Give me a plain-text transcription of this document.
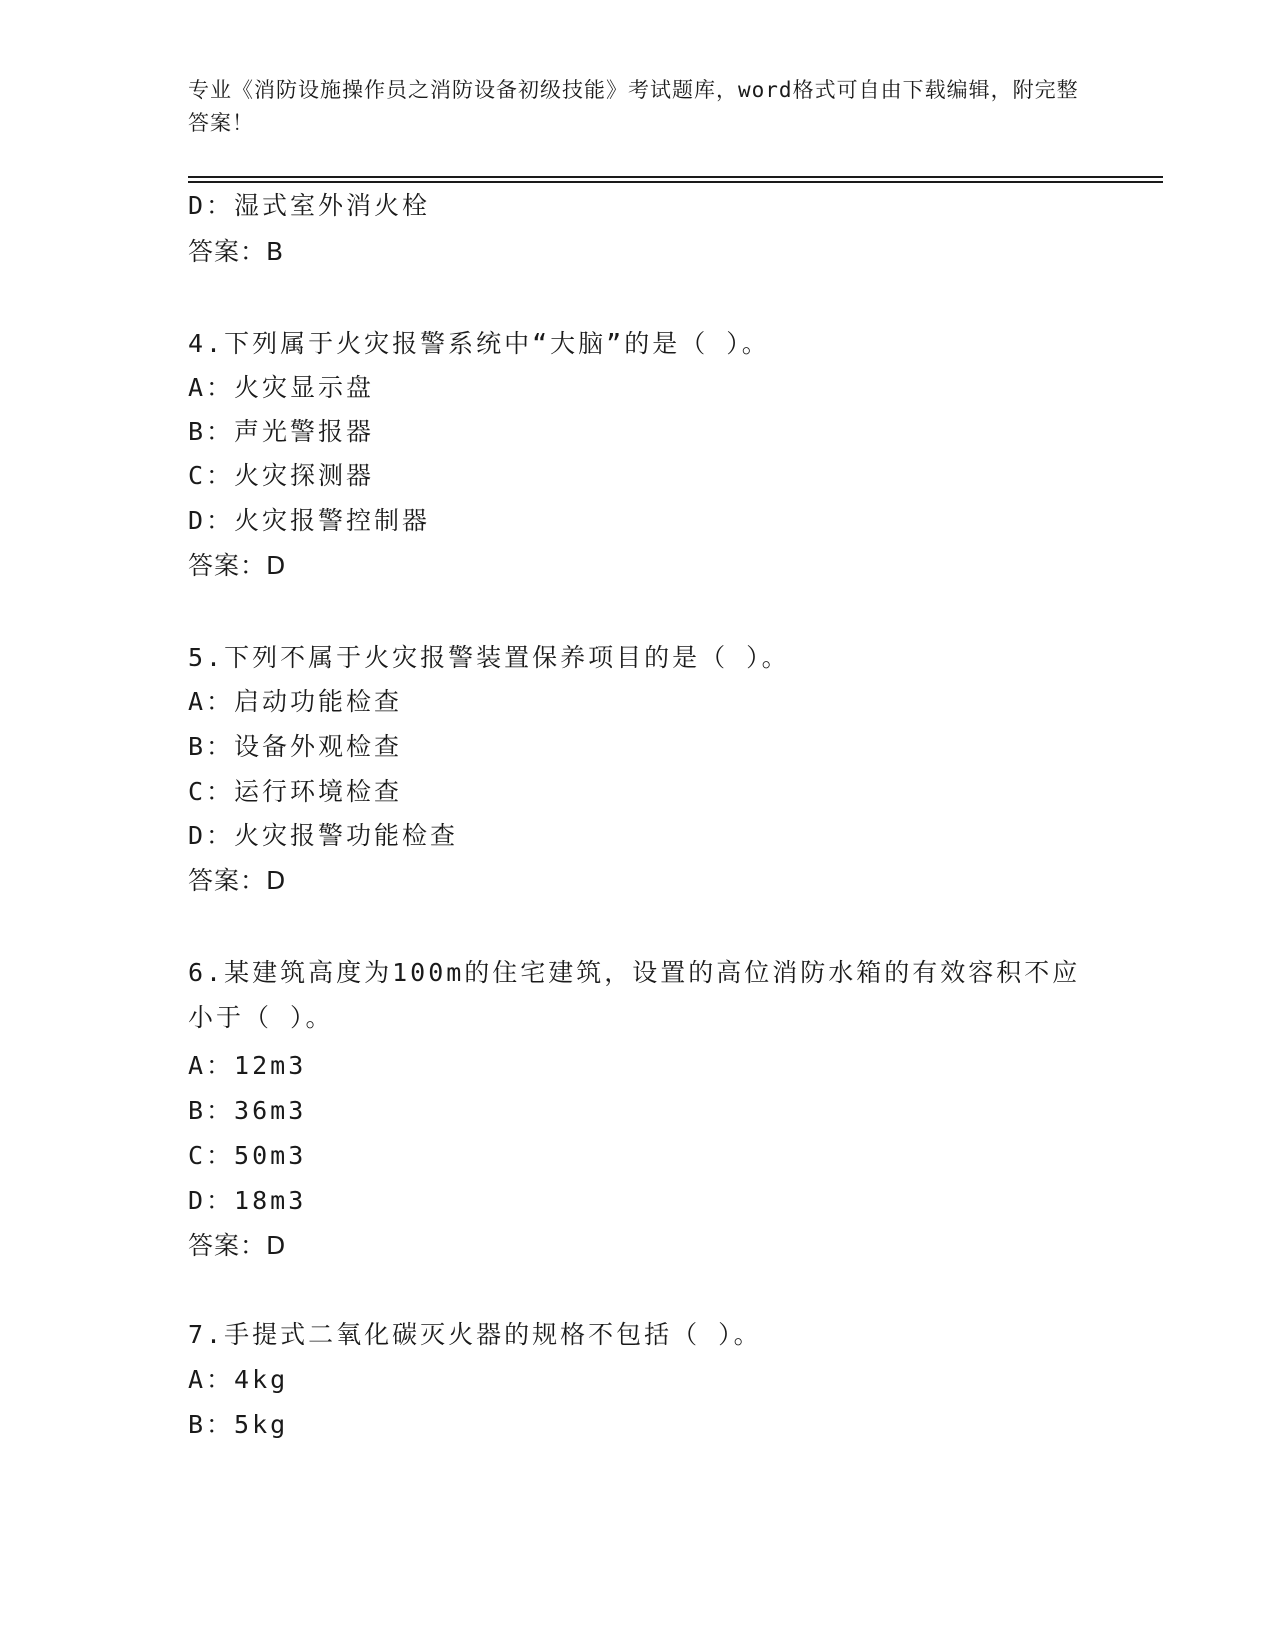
专业《消防设施操作员之消防设备初级技能》考试题库，word格式可自由下载编辑，附完整答案！
D：湿式室外消火栓
答案：B
4.下列属于火灾报警系统中“大脑”的是（ ）。
A：火灾显示盘
B：声光警报器
C：火灾探测器
D：火灾报警控制器
答案：D
5.下列不属于火灾报警装置保养项目的是（ ）。
A：启动功能检查
B：设备外观检查
C：运行环境检查
D：火灾报警功能检查
答案：D
6.某建筑高度为100m的住宅建筑，设置的高位消防水箱的有效容积不应小于（ ）。
A：12m3
B：36m3
C：50m3
D：18m3
答案：D
7.手提式二氧化碳灭火器的规格不包括（ ）。
A：4kg
B：5kg
